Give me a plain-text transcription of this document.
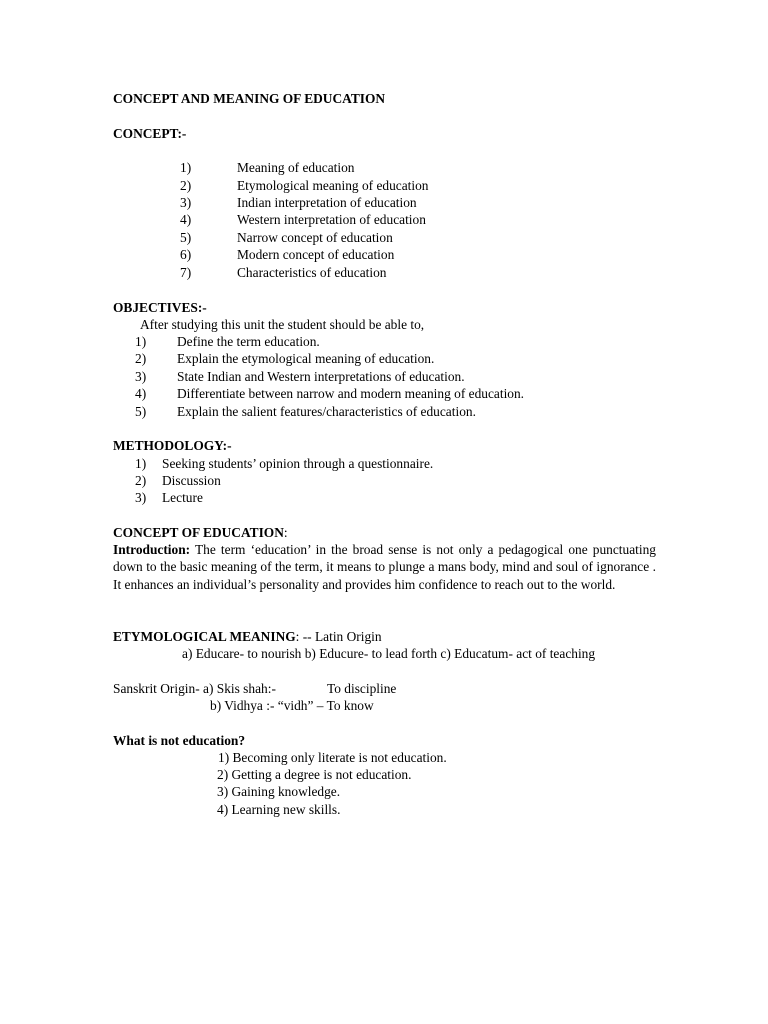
CONCEPT AND MEANING OF EDUCATION
CONCEPT:-
1)	Meaning of education
2)	Etymological meaning of education
3)	Indian interpretation of education
4)	Western interpretation of education
5)	Narrow concept of education
6)	Modern concept of education
7)	Characteristics of education
OBJECTIVES:-
After studying this unit the student should be able to,
1) Define the term education.
2) Explain the etymological meaning of education.
3) State Indian and Western interpretations of education.
4) Differentiate between narrow and modern meaning of education.
5) Explain the salient features/characteristics of education.
METHODOLOGY:-
1) Seeking students’ opinion through a questionnaire.
2) Discussion
3) Lecture
CONCEPT OF EDUCATION:
Introduction: The term ‘education’ in the broad sense is not only a pedagogical one punctuating down to the basic meaning of the term, it means to plunge a mans body, mind and soul of ignorance . It enhances an individual’s personality and provides him confidence to reach out to the world.
ETYMOLOGICAL MEANING: -- Latin Origin
a) Educare- to nourish b) Educure- to lead forth c) Educatum- act of teaching
Sanskrit Origin- a) Skis shah:-	To discipline
b) Vidhya :- “vidh” – To know
What is not education?
1) Becoming only literate is not education.
2) Getting a degree is not education.
3) Gaining knowledge.
4) Learning new skills.
